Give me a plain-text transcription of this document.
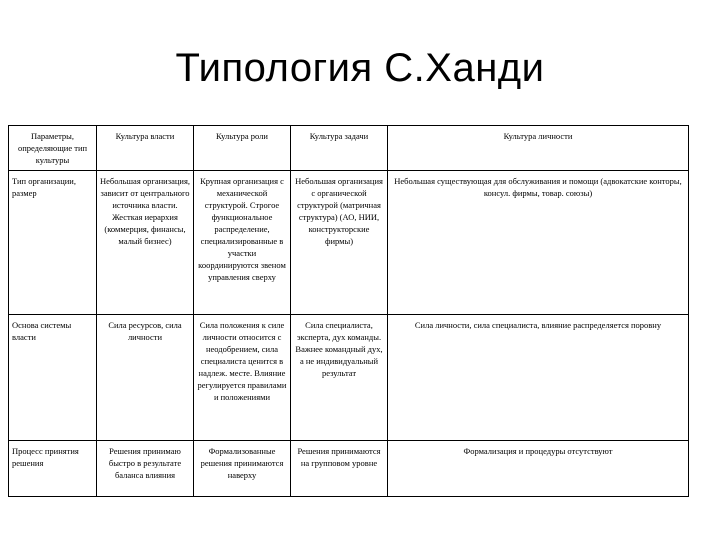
Типология С.Ханди
Параметры, определяющие тип культуры	Культура власти	Культура роли	Культура задачи	Культура личности
Тип организации, размер	Небольшая организация, зависит от центрального источника власти. Жесткая иерархия (коммерция, финансы, малый бизнес)	Крупная организация с механической структурой. Строгое функциональное распределение, специализированные в участки координируются звеном управления сверху	Небольшая организация с органической структурой (матричная структура) (АО, НИИ, конструкторские фирмы)	Небольшая существующая для обслуживания и помощи (адвокатские конторы, консул. фирмы, товар. союзы)
Основа системы власти	Сила ресурсов, сила личности	Сила положения к силе личности относится с неодобрением, сила специалиста ценится в надлеж. месте. Влияние регулируется правилами и положениями	Сила специалиста, эксперта, дух команды. Важнее командный дух, а не индивидуальный результат	Сила личности, сила специалиста, влияние распределяется поровну
Процесс принятия решения	Решения принимаю быстро в результате баланса влияния	Формализованные решения принимаются наверху	Решения принимаются на групповом уровне	Формализация и процедуры отсутствуют
